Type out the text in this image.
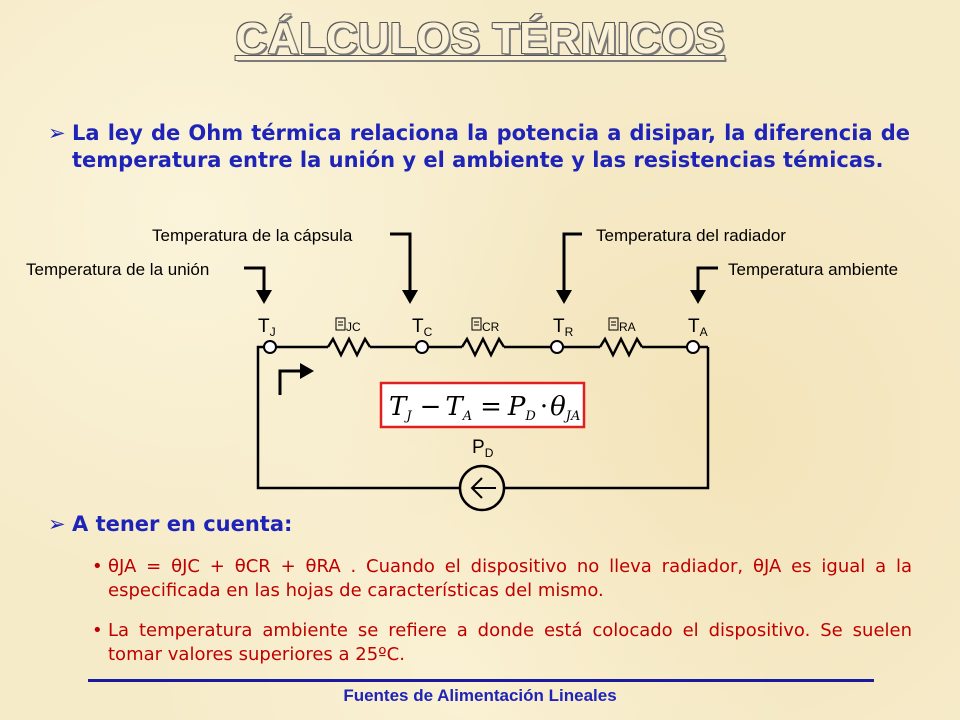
CÁLCULOS TÉRMICOS
➢ La ley de Ohm térmica relaciona la potencia a disipar, la diferencia de temperatura entre la unión y el ambiente y las resistencias témicas.
Temperatura de la unión
Temperatura de la cápsula	Temperatura del radiador
Temperatura ambiente
$T_J$	$T_C$	$T_R$	$T_A$
JC	CR	RA
TJ − TA = PD ·θJA
$P_D$
➢ A tener en cuenta:
• θJA = θJC + θCR + θRA . Cuando el dispositivo no lleva radiador, θJA es igual a la especificada en las hojas de características del mismo.
• La temperatura ambiente se refiere a donde está colocado el dispositivo. Se suelen tomar valores superiores a 25ºC.
Fuentes de Alimentación Lineales
